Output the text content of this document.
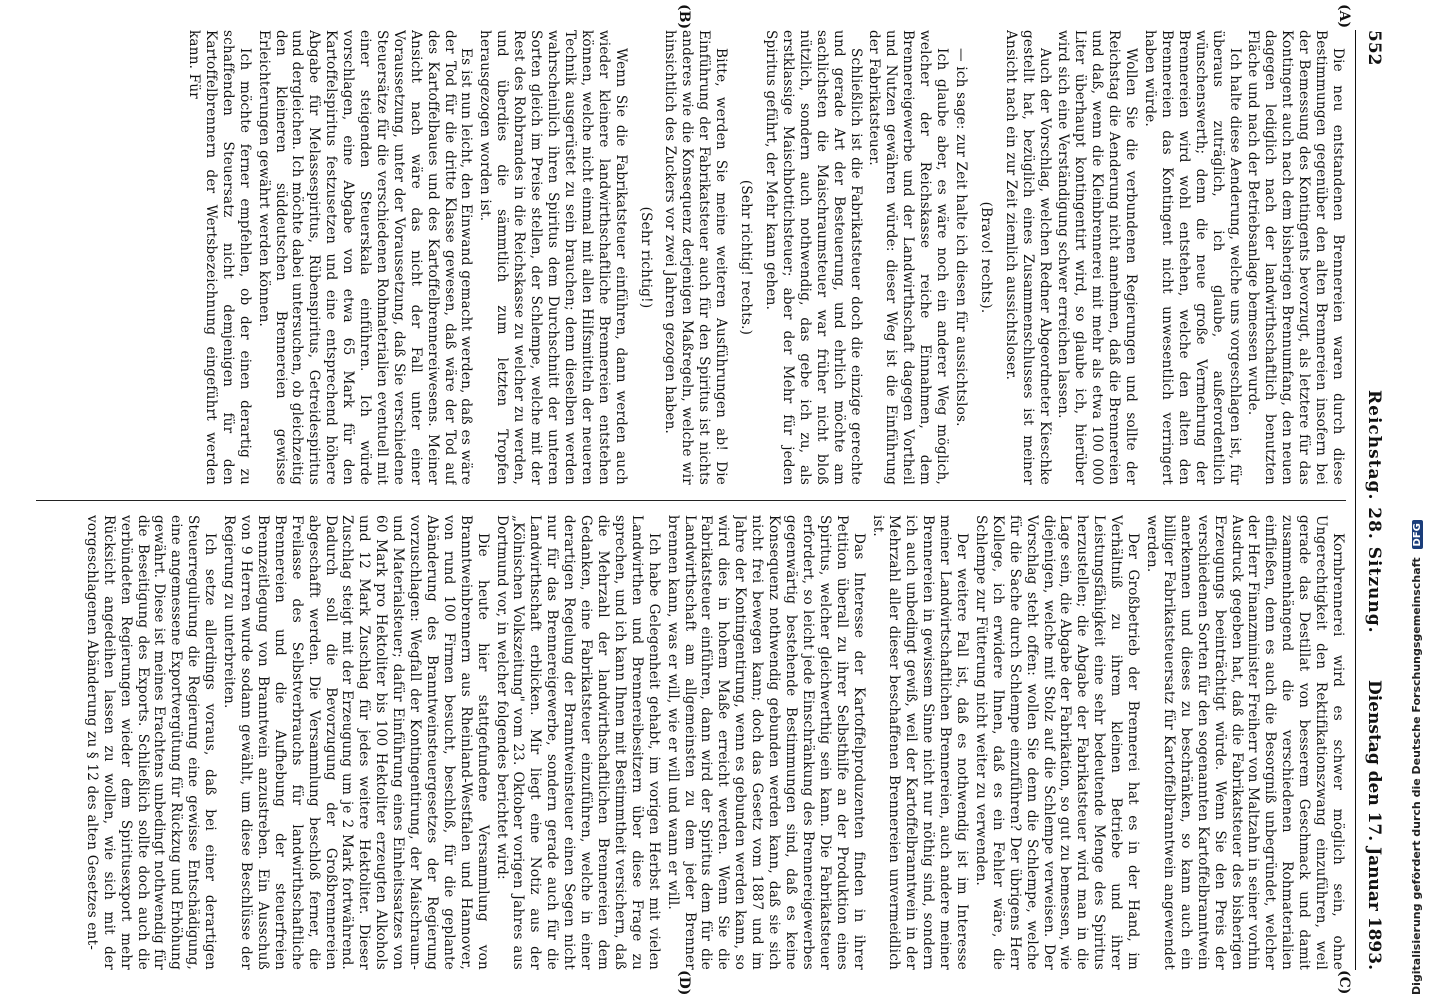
552
Reichstag. 28. Sitzung.
Dienstag den 17. Januar 1893.
(A)
(B)
(C)
(D)

Die neu entstandenen Brennereien waren durch diese Bestimmungen gegenüber den alten Brennereien insofern bei der Bemessung des Kontingents bevorzugt, als letztere für das Kontingent auch nach dem bisherigen Brennumfang, den neuen dagegen lediglich nach der landwirthschaftlich benutzten Fläche und nach der Betriebsanlage bemessen wurde.

Ich halte diese Aenderung, welche uns vorgeschlagen ist, für überaus zuträglich, ich glaube, außerordentlich wünschenswerth; denn die neue große Vermehrung der Brennereien wird wohl entstehen, welche den alten den Brennereien das Kontingent nicht unwesentlich verringert haben würde.

Wollen Sie die verbundenen Regierungen und sollte der Reichstag die Aenderung nicht annehmen, daß die Brennereien und daß, wenn die Kleinbrennerei mit mehr als etwa 100 000 Liter überhaupt kontingentirt wird, so glaube ich, hierüber wird sich eine Verständigung schwer erreichen lassen.

Auch der Vorschlag, welchen Redner Abgeordneter Kieschke gestellt hat, bezüglich eines Zusammenschlusses ist meiner Ansicht nach ein zur Zeit ziemlich aussichtsloser.

(Bravo! rechts).

— ich sage: zur Zeit halte ich diesen für aussichtslos.

Ich glaube aber, es wäre noch ein anderer Weg möglich, welcher der Reichskasse reiche Einnahmen, dem Brennereigewerbe und der Landwirthschaft dagegen Vortheil und Nutzen gewähren würde: dieser Weg ist die Einführung der Fabrikatsteuer.

Schließlich ist die Fabrikatsteuer doch die einzige gerechte und gerade Art der Besteuerung, und ehrlich möchte am sachlichsten die Maischraumsteuer war früher nicht bloß nützlich, sondern auch nothwendig, das gebe ich zu, als erstklassige Maischbottichsteuer; aber der Mehr für jeden Spiritus geführt, der Mehr kann gehen.

(Sehr richtig! rechts.)

Bitte, werden Sie meine weiteren Ausführungen ab! Die Einführung der Fabrikatsteuer auch für den Spiritus ist nichts anderes wie die Konsequenz derjenigen Maßregeln, welche wir hinsichtlich des Zuckers vor zwei Jahren gezogen haben.

(Sehr richtig!)

Wenn Sie die Fabrikatsteuer einführen, dann werden auch wieder kleinere landwirthschaftliche Brennereien entstehen können, welche nicht einmal mit allen Hilfsmitteln der neueren Technik ausgerüstet zu sein brauchen; denn dieselben werden wahrscheinlich ihren Spiritus dem Durchschnitt der unteren Sorten gleich im Preise stellen, der Schlempe, welche mit der Rest des Rohbrandes in die Reichskasse zu welcher zu werden, und überdies die sämmtlich zum letzten Tropfen herausgezogen worden ist.

Es ist nun leicht, den Einwand gemacht werden, daß es wäre der Tod für die dritte Klasse gewesen, daß wäre der Tod auf des Kartoffelbaues und des Kartoffelbrennereiwesens. Meiner Ansicht nach wäre das nicht der Fall unter einer Voraussetzung, unter der Voraussetzung, daß Sie verschiedene Steuersätze für die verschiedenen Rohmaterialien eventuell mit einer steigenden Steuerskala einführen. Ich würde vorschlagen, eine Abgabe von etwa 65 Mark für den Kartoffelspiritus festzusetzen und eine entsprechend höhere Abgabe für Melassespiritus, Rübenspiritus, Getreidespiritus und dergleichen. Ich möchte dabei untersuchen, ob gleichzeitig den kleineren süddeutschen Brennereien gewisse Erleichterungen gewährt werden können.

Ich möchte ferner empfehlen, ob der einen derartig zu schaffenden Steuersatz nicht demjenigen für den Kartoffelbrennern der Wertsbezeichnung eingeführt werden kann. Für

Kornbrennerei wird es schwer möglich sein, ohne Ungerechtigkeit den Rektifikationszwang einzuführen, weil gerade das Destillat von besserem Geschmack und damit zusammenhängend die verschiedenen Rohmaterialien einfließen, denn es auch die Besorgniß unbegründet, welcher der Herr Finanzminister Freiherr von Maltzahn in seiner vorhin Ausdruck gegeben hat, daß die Fabrikatsteuer des bisherigen Erzeugungs beeinträchtigt würde. Wenn Sie den Preis der verschiedenen Sorten für den sogenannten Kartoffelbranntwein anerkennen und dieses zu beschränken, so kann auch ein billiger Fabrikatsteuersatz für Kartoffelbranntwein angewendet werden.

Der Großbetrieb der Brennerei hat es in der Hand, im Verhältniß zu ihrem kleinen Betriebe und ihrer Leistungsfähigkeit eine sehr bedeutende Menge des Spiritus herzustellen; die Abgabe der Fabrikatsteuer wird man in die Lage sein, die Abgabe der Fabrikation, so gut zu bemessen, wie diejenigen, welche mit Stolz auf die Schlempe verweisen. Der Vorschlag steht offen: wollen Sie denn die Schlempe, welche für die Sache durch Schlempe einzuführen? Der übrigens Herr Kollege, ich erwidere Ihnen, daß es ein Fehler wäre, die Schlempe zur Fütterung nicht weiter zu verwenden.

Der weitere Fall ist, daß es nothwendig ist im Interesse meiner Landwirtschaftlichen Brennereien, auch andere meiner Brennereien in gewissem Sinne nicht nur nöthig sind, sondern ich auch unbedingt gewiß, weil der Kartoffelbranntwein in der Mehrzahl aller dieser beschaffenen Brennereien unvermeidlich ist.

Das Interesse der Kartoffelproduzenten finden in ihrer Petition überall zu ihrer Selbsthilfe an der Produktion eines Spiritus, welcher gleichwerthig sein kann. Die Fabrikatsteuer erfordert, so leicht jede Einschränkung des Brennereigewerbes gegenwärtig bestehende Bestimmungen sind, daß es keine Konsequenz nothwendig gebunden werden kann, daß sie sich nicht frei bewegen kann; doch das Gesetz vom 1887 und im Jahre der Kontingentirung, wenn es gebunden werden kann, so wird dies in hohem Maße erreicht werden. Wenn Sie die Fabrikatsteuer einführen, dann wird der Spiritus dem für die Landwirthschaft am allgemeinsten zu dem jeder Brenner brennen kann, was er will, wie er will und wann er will.

Ich habe Gelegenheit gehabt, im vorigen Herbst mit vielen Landwirthen und Brennereibesitzern über diese Frage zu sprechen, und ich kann Ihnen mit Bestimmtheit versichern, daß die Mehrzahl der landwirthschaftlichen Brennereien dem Gedanken, eine Fabrikatsteuer einzuführen, welche in einer derartigen Regelung der Branntweinsteuer einen Segen nicht nur für das Brennereigewerbe, sondern gerade auch für die Landwirthschaft erblicken. Mir liegt eine Notiz aus der „Kölnischen Volkszeitung" vom 23. Oktober vorigen Jahres aus Dortmund vor, in welcher folgendes berichtet wird:

Die heute hier stattgefundene Versammlung von Branntweinbrennern aus Rheinland-Westfalen und Hannover, von rund 100 Firmen besucht, beschloß, für die geplante Abänderung des Branntweinsteuergesetzes der Regierung vorzuschlagen: Wegfall der Kontingentirung, der Maischraum- und Materialsteuer; dafür Einführung eines Einheitssatzes von 60 Mark pro Hektoliter bis 100 Hektoliter erzeugten Alkohols und 12 Mark Zuschlag für jedes weitere Hektoliter. Dieser Zuschlag steigt mit der Erzeugung um je 2 Mark fortwährend. Dadurch soll die Bevorzugung der Großbrennereien abgeschafft werden. Die Versammlung beschloß ferner, die Freilasse des Selbstverbrauchs für landwirthschaftliche Brennereien und die Aufhebung der steuerfreien Brennzeitlegung von Branntwein anzustreben. Ein Ausschuß von 9 Herren wurde sodann gewählt, um diese Beschlüsse der Regierung zu unterbreiten.

Ich setze allerdings voraus, daß bei einer derartigen Steuerregulirung die Regierung eine gewisse Entschädigung, eine angemessene Exportvergütung für Rückzug und Erhöhung gewährt. Diese ist meines Erachtens unbedingt nothwendig für die Beseitigung des Exports. Schließlich sollte doch auch die verbündeten Regierungen wieder dem Spiritusexport mehr Rücksicht angedeihen lassen zu wollen, wie sich mit der vorgeschlagenen Abänderung zu § 12 des alten Gesetzes ent-	Digitalisierung gefördert durch die Deutsche Forschungsgemeinschaft DFG
